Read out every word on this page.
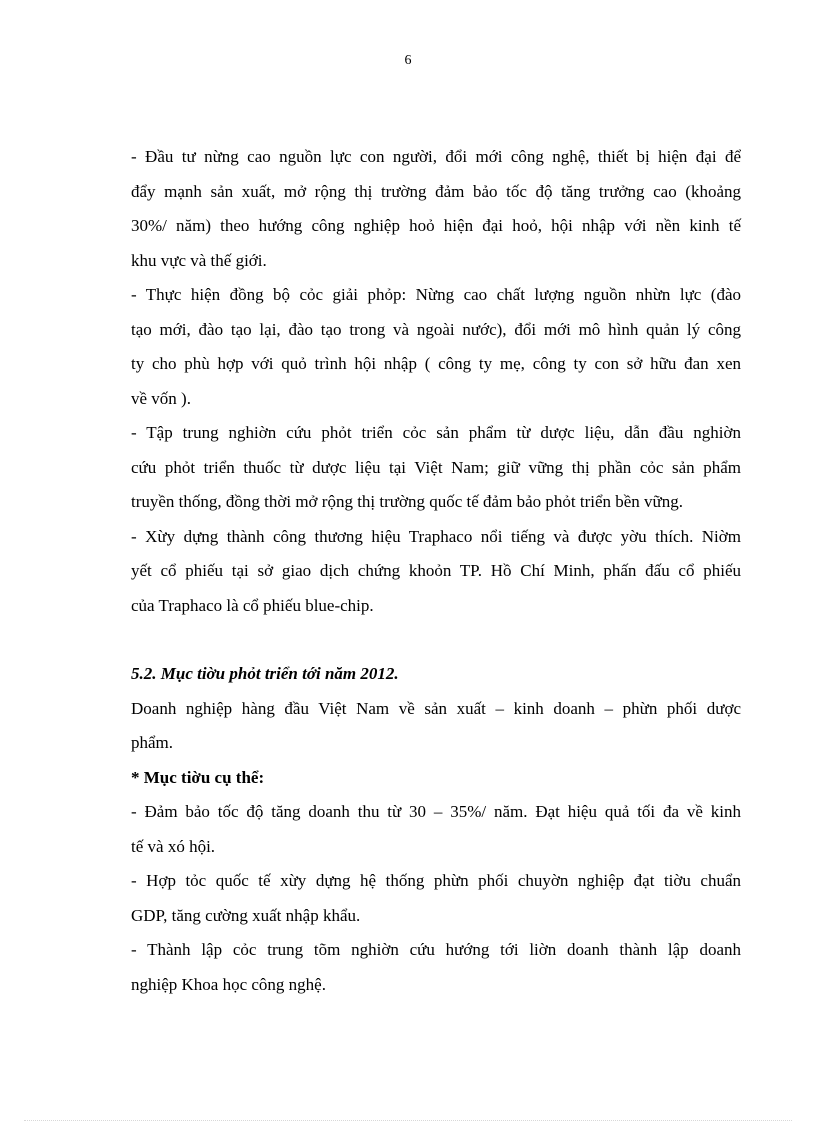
6

- Đầu tư nừng cao nguồn lực con người, đổi mới công nghệ, thiết bị hiện đại để
đẩy mạnh sản xuất, mở rộng thị trường đảm bảo tốc độ tăng trưởng cao (khoảng
30%/ năm) theo hướng công nghiệp hoỏ hiện đại hoỏ, hội nhập với nền kinh tế
khu vực và thế giới.

- Thực hiện đồng bộ cỏc giải phỏp: Nừng cao chất lượng nguồn nhừn lực (đào
tạo mới, đào tạo lại, đào tạo trong và ngoài nước), đổi mới mô hình quản lý công
ty cho phù hợp với quỏ trình hội nhập ( công ty mẹ, công ty con sở hữu đan xen
về vốn ).

- Tập trung nghiờn cứu phỏt triển cỏc sản phẩm từ dược liệu, dẫn đầu nghiờn
cứu phỏt triển thuốc từ dược liệu tại Việt Nam; giữ vững thị phần cỏc sản phẩm
truyền thống, đồng thời mở rộng thị trường quốc tế đảm bảo phỏt triển bền vững.

- Xừy dựng thành công thương hiệu Traphaco nổi tiếng và được yờu thích. Niờm
yết cổ phiếu tại sở giao dịch chứng khoỏn TP. Hồ Chí Minh, phấn đấu cổ phiếu
của Traphaco là cổ phiếu blue-chip.

5.2. Mục tiờu phỏt triển tới năm 2012.

Doanh nghiệp hàng đầu Việt Nam về sản xuất – kinh doanh – phừn phối dược
phẩm.

* Mục tiờu cụ thể:

- Đảm bảo tốc độ tăng doanh thu từ 30 – 35%/ năm. Đạt hiệu quả tối đa về kinh
tế và xó hội.

- Hợp tỏc quốc tế xừy dựng hệ thống phừn phối chuyờn nghiệp đạt tiờu chuẩn
GDP, tăng cường xuất nhập khẩu.

- Thành lập cỏc trung tõm nghiờn cứu hướng tới liờn doanh thành lập doanh
nghiệp Khoa học công nghệ.
